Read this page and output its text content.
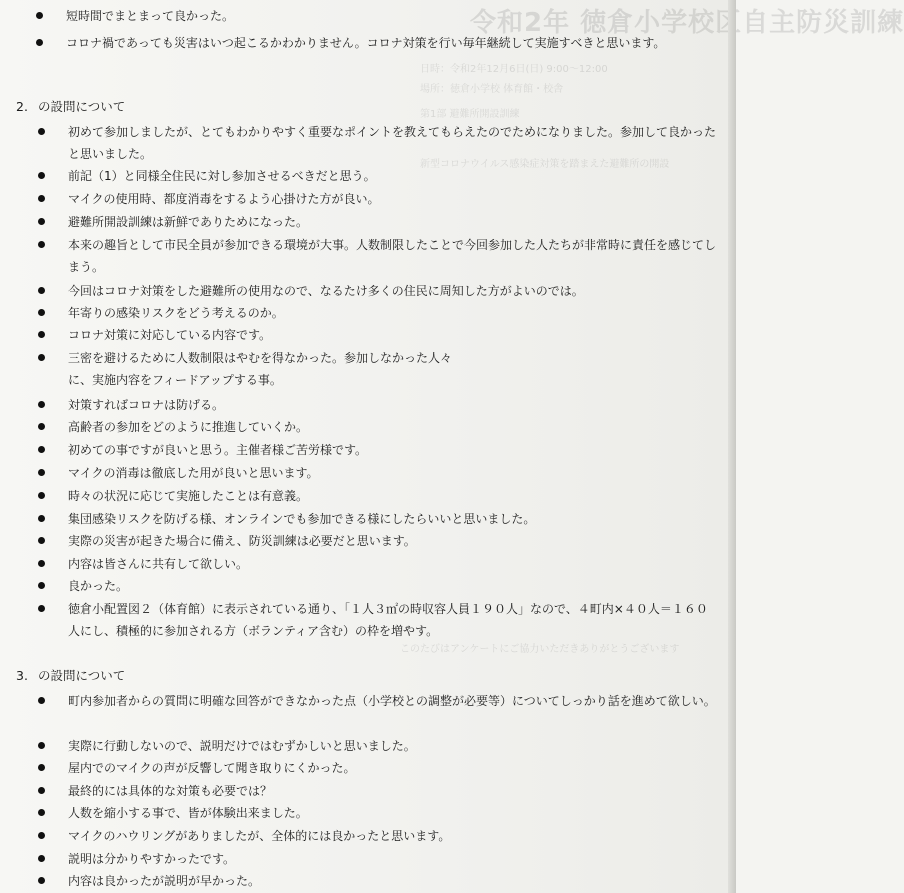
令和2年 徳倉小学校区自主防災訓練
日時：令和2年12月6日(日) 9:00〜12:00
場所：徳倉小学校 体育館・校舎
第1部 避難所開設訓練
新型コロナウイルス感染症対策を踏まえた避難所の開設
このたびはアンケートにご協力いただきありがとうございます
短時間でまとまって良かった。
コロナ禍であっても災害はいつ起こるかわかりません。コロナ対策を行い毎年継続して実施すべきと思います。
2. の設問について
初めて参加しましたが、とてもわかりやすく重要なポイントを教えてもらえたのでためになりました。参加して良かったと思いました。
前記（1）と同様全住民に対し参加させるべきだと思う。
マイクの使用時、都度消毒をするよう心掛けた方が良い。
避難所開設訓練は新鮮でありためになった。
本来の趣旨として市民全員が参加できる環境が大事。人数制限したことで今回参加した人たちが非常時に責任を感じてしまう。
今回はコロナ対策をした避難所の使用なので、なるたけ多くの住民に周知した方がよいのでは。
年寄りの感染リスクをどう考えるのか。
コロナ対策に対応している内容です。
三密を避けるために人数制限はやむを得なかった。参加しなかった人々に、実施内容をフィードアップする事。
対策すればコロナは防げる。
高齢者の参加をどのように推進していくか。
初めての事ですが良いと思う。主催者様ご苦労様です。
マイクの消毒は徹底した用が良いと思います。
時々の状況に応じて実施したことは有意義。
集団感染リスクを防げる様、オンラインでも参加できる様にしたらいいと思いました。
実際の災害が起きた場合に備え、防災訓練は必要だと思います。
内容は皆さんに共有して欲しい。
良かった。
徳倉小配置図２（体育館）に表示されている通り、「１人３㎡の時収容人員１９０人」なので、４町内×４０人＝１６０人にし、積極的に参加される方（ボランティア含む）の枠を増やす。
3. の設問について
町内参加者からの質問に明確な回答ができなかった点（小学校との調整が必要等）についてしっかり話を進めて欲しい。
実際に行動しないので、説明だけではむずかしいと思いました。
屋内でのマイクの声が反響して聞き取りにくかった。
最終的には具体的な対策も必要では？
人数を縮小する事で、皆が体験出来ました。
マイクのハウリングがありましたが、全体的には良かったと思います。
説明は分かりやすかったです。
内容は良かったが説明が早かった。
